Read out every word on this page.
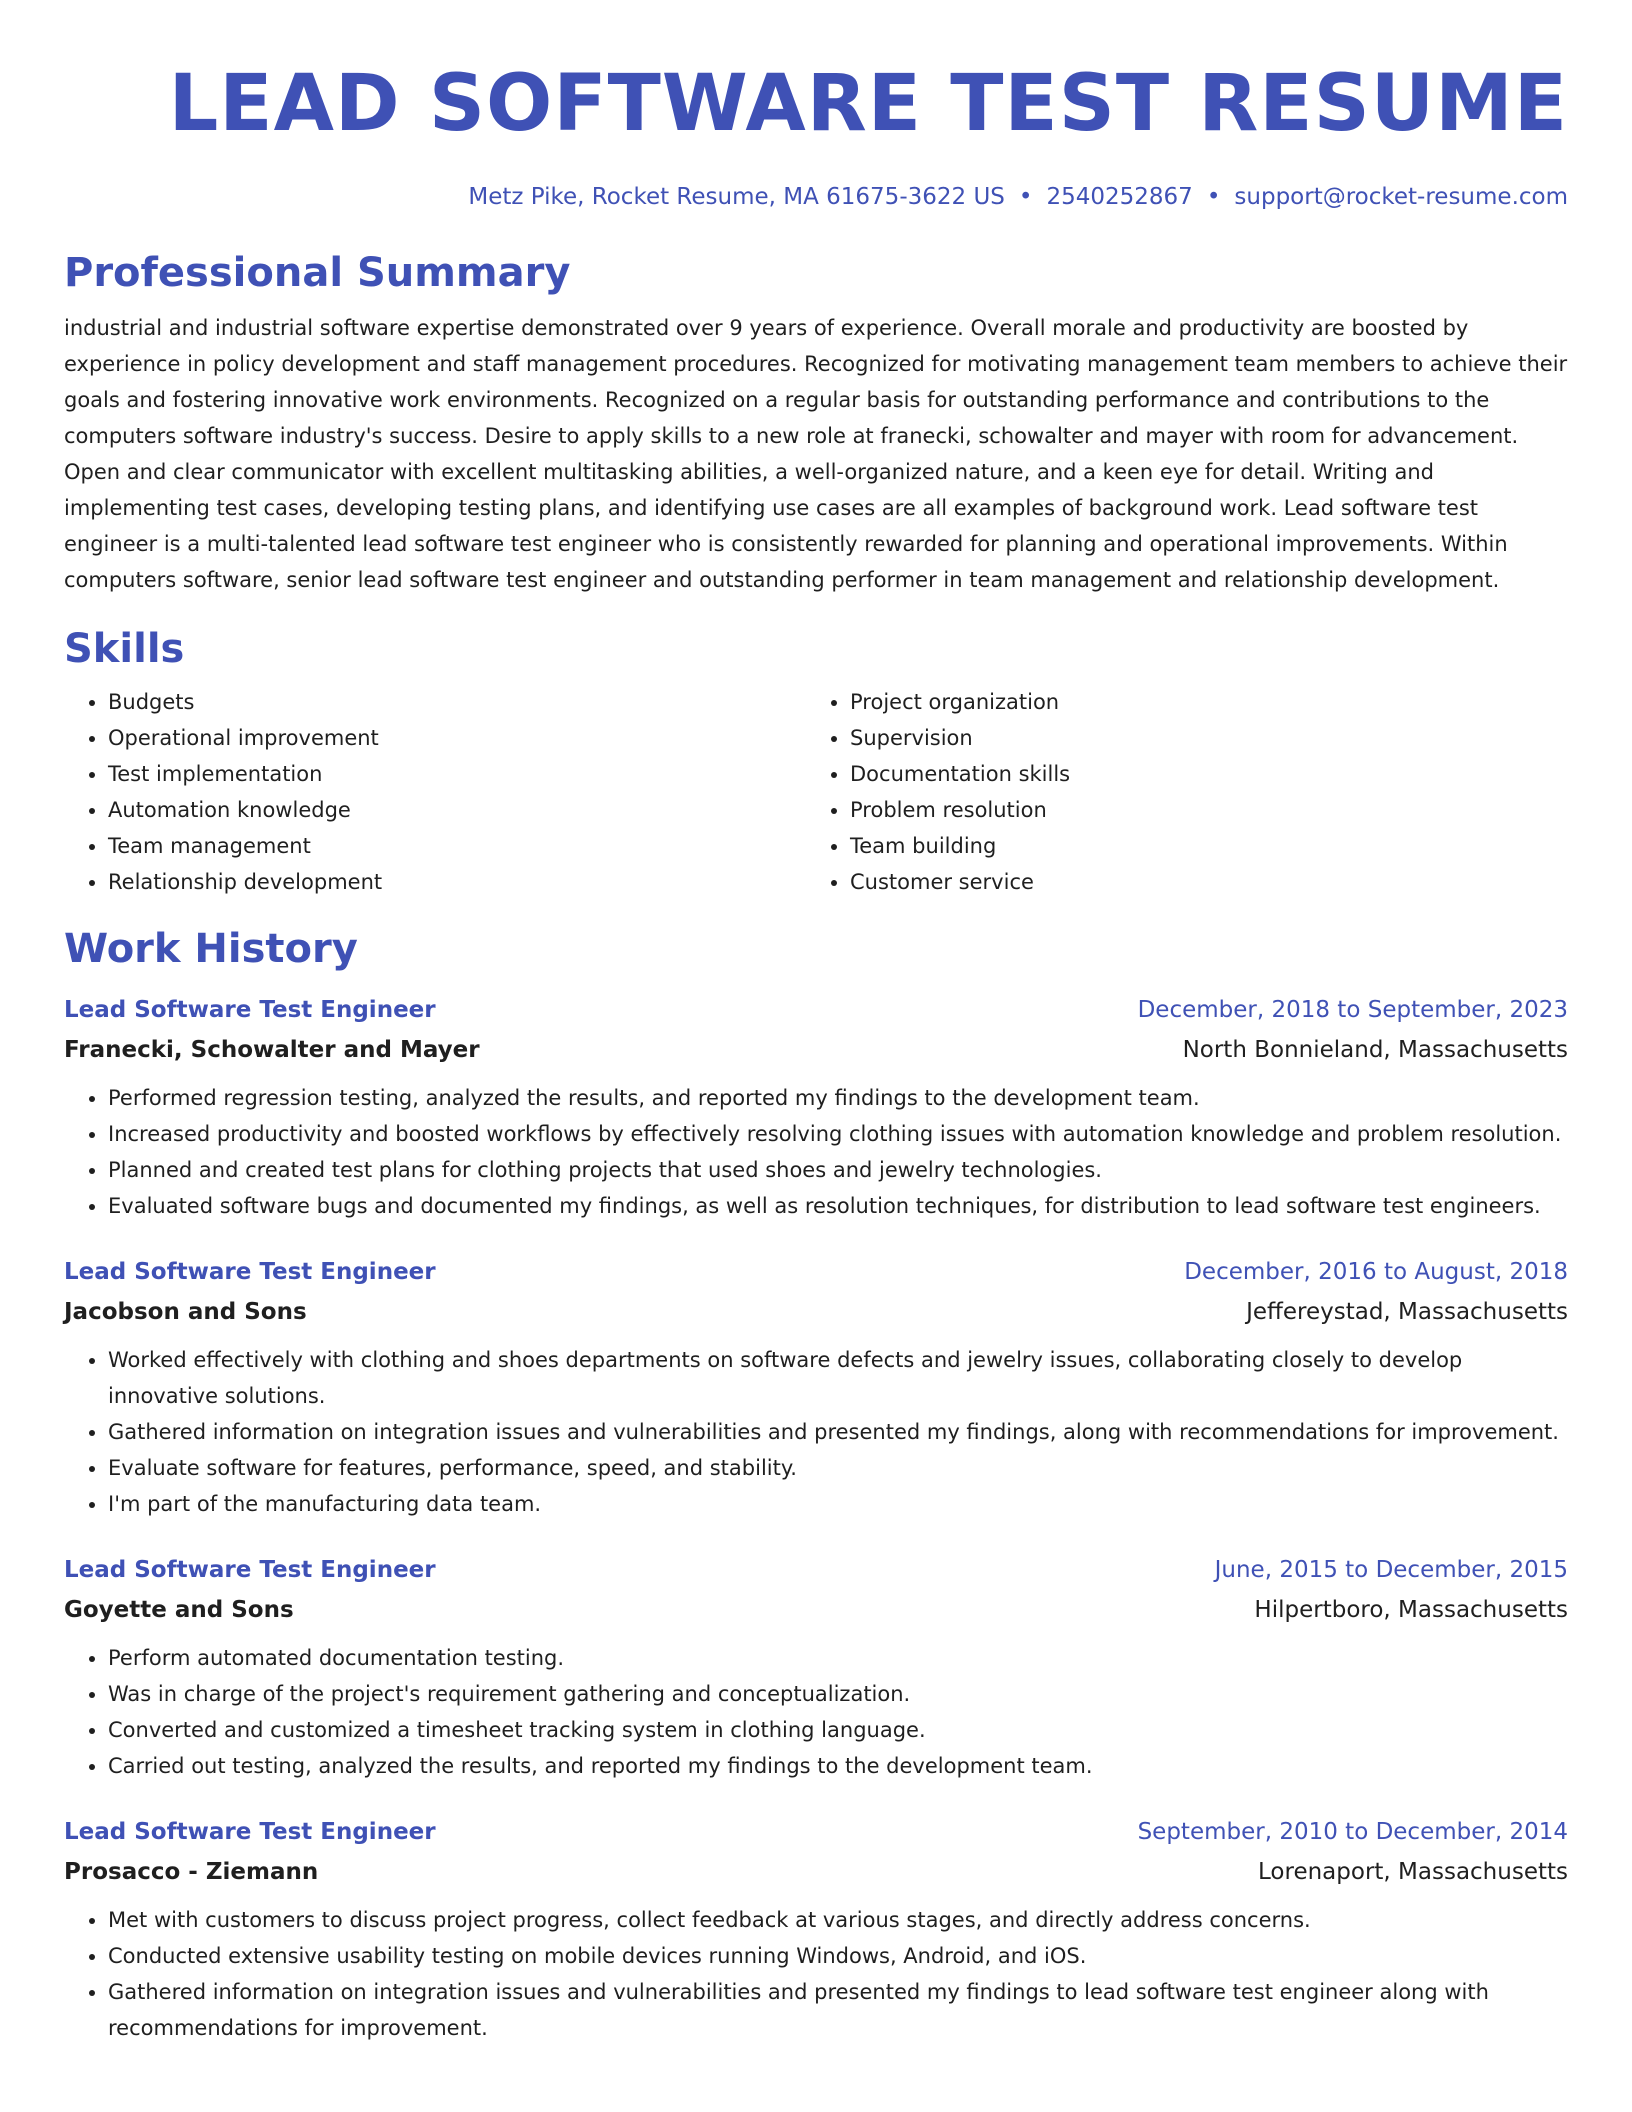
LEAD SOFTWARE TEST RESUME
Metz Pike, Rocket Resume, MA 61675-3622 US • 2540252867 • support@rocket-resume.com
Professional Summary

industrial and industrial software expertise demonstrated over 9 years of experience. Overall morale and productivity are boosted by experience in policy development and staff management procedures. Recognized for motivating management team members to achieve their goals and fostering innovative work environments. Recognized on a regular basis for outstanding performance and contributions to the computers software industry's success. Desire to apply skills to a new role at franecki, schowalter and mayer with room for advancement. Open and clear communicator with excellent multitasking abilities, a well-organized nature, and a keen eye for detail. Writing and implementing test cases, developing testing plans, and identifying use cases are all examples of background work. Lead software test engineer is a multi-talented lead software test engineer who is consistently rewarded for planning and operational improvements. Within computers software, senior lead software test engineer and outstanding performer in team management and relationship development.

Skills
• Budgets
• Operational improvement
• Test implementation
• Automation knowledge
• Team management
• Relationship development
• Project organization
• Supervision
• Documentation skills
• Problem resolution
• Team building
• Customer service
Work History
Lead Software Test Engineer	December, 2018 to September, 2023
Franecki, Schowalter and Mayer	North Bonnieland, Massachusetts
• Performed regression testing, analyzed the results, and reported my findings to the development team.
• Increased productivity and boosted workflows by effectively resolving clothing issues with automation knowledge and problem resolution.
• Planned and created test plans for clothing projects that used shoes and jewelry technologies.
• Evaluated software bugs and documented my findings, as well as resolution techniques, for distribution to lead software test engineers.
Lead Software Test Engineer	December, 2016 to August, 2018
Jacobson and Sons	Jeffereystad, Massachusetts
• Worked effectively with clothing and shoes departments on software defects and jewelry issues, collaborating closely to develop innovative solutions.
• Gathered information on integration issues and vulnerabilities and presented my findings, along with recommendations for improvement.
• Evaluate software for features, performance, speed, and stability.
• I'm part of the manufacturing data team.
Lead Software Test Engineer	June, 2015 to December, 2015
Goyette and Sons	Hilpertboro, Massachusetts
• Perform automated documentation testing.
• Was in charge of the project's requirement gathering and conceptualization.
• Converted and customized a timesheet tracking system in clothing language.
• Carried out testing, analyzed the results, and reported my findings to the development team.
Lead Software Test Engineer	September, 2010 to December, 2014
Prosacco - Ziemann	Lorenaport, Massachusetts
• Met with customers to discuss project progress, collect feedback at various stages, and directly address concerns.
• Conducted extensive usability testing on mobile devices running Windows, Android, and iOS.
• Gathered information on integration issues and vulnerabilities and presented my findings to lead software test engineer along with recommendations for improvement.
